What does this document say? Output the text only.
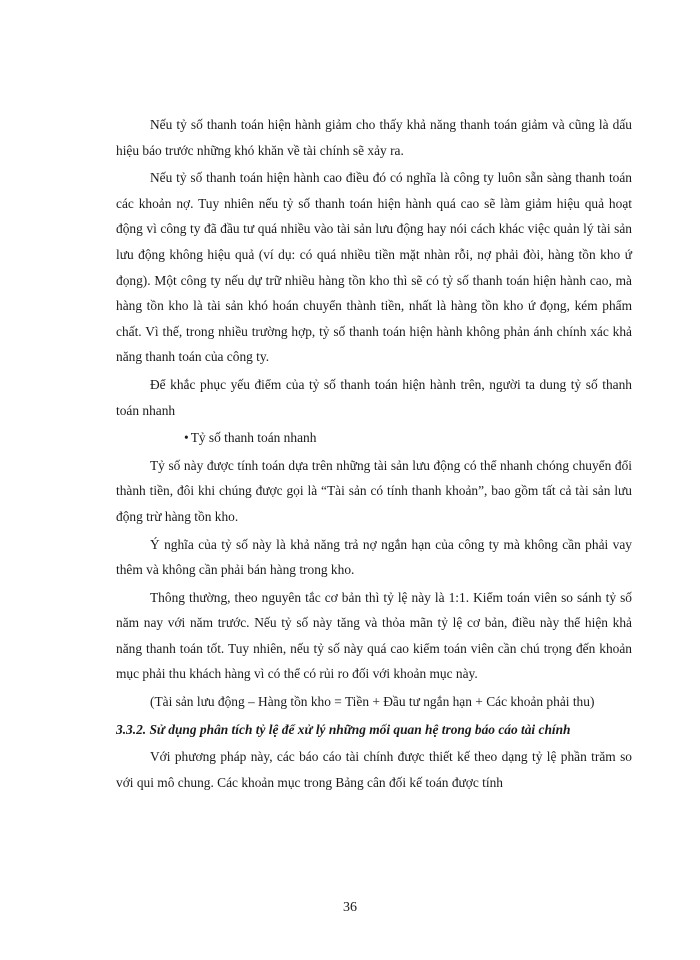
Nếu tỷ số thanh toán hiện hành giảm cho thấy khả năng thanh toán giảm và cũng là dấu hiệu báo trước những khó khăn về tài chính sẽ xảy ra.

Nếu tỷ số thanh toán hiện hành cao điều đó có nghĩa là công ty luôn sẵn sàng thanh toán các khoản nợ. Tuy nhiên nếu tỷ số thanh toán hiện hành quá cao sẽ làm giảm hiệu quả hoạt động vì công ty đã đầu tư quá nhiều vào tài sản lưu động hay nói cách khác việc quản lý tài sản lưu động không hiệu quả (ví dụ: có quá nhiều tiền mặt nhàn rỗi, nợ phải đòi, hàng tồn kho ứ đọng). Một công ty nếu dự trữ nhiều hàng tồn kho thì sẽ có tỷ số thanh toán hiện hành cao, mà hàng tồn kho là tài sản khó hoán chuyển thành tiền, nhất là hàng tồn kho ứ đọng, kém phẩm chất. Vì thế, trong nhiều trường hợp, tỷ số thanh toán hiện hành không phản ánh chính xác khả năng thanh toán của công ty.

Để khắc phục yếu điểm của tỷ số thanh toán hiện hành trên, người ta dung tỷ số thanh toán nhanh

• Tỷ số thanh toán nhanh

Tỷ số này được tính toán dựa trên những tài sản lưu động có thể nhanh chóng chuyển đổi thành tiền, đôi khi chúng được gọi là “Tài sản có tính thanh khoản”, bao gồm tất cả tài sản lưu động trừ hàng tồn kho.

Ý nghĩa của tỷ số này là khả năng trả nợ ngắn hạn của công ty mà không cần phải vay thêm và không cần phải bán hàng trong kho.

Thông thường, theo nguyên tắc cơ bản thì tỷ lệ này là 1:1. Kiểm toán viên so sánh tỷ số năm nay với năm trước. Nếu tỷ số này tăng và thỏa mãn tỷ lệ cơ bản, điều này thể hiện khả năng thanh toán tốt. Tuy nhiên, nếu tỷ số này quá cao kiểm toán viên cần chú trọng đến khoản mục phải thu khách hàng vì có thể có rủi ro đối với khoản mục này.

(Tài sản lưu động – Hàng tồn kho = Tiền + Đầu tư ngắn hạn + Các khoản phải thu)

3.3.2. Sử dụng phân tích tỷ lệ để xử lý những mối quan hệ trong báo cáo tài chính

Với phương pháp này, các báo cáo tài chính được thiết kế theo dạng tỷ lệ phần trăm so với qui mô chung. Các khoản mục trong Bảng cân đối kế toán được tính

36
